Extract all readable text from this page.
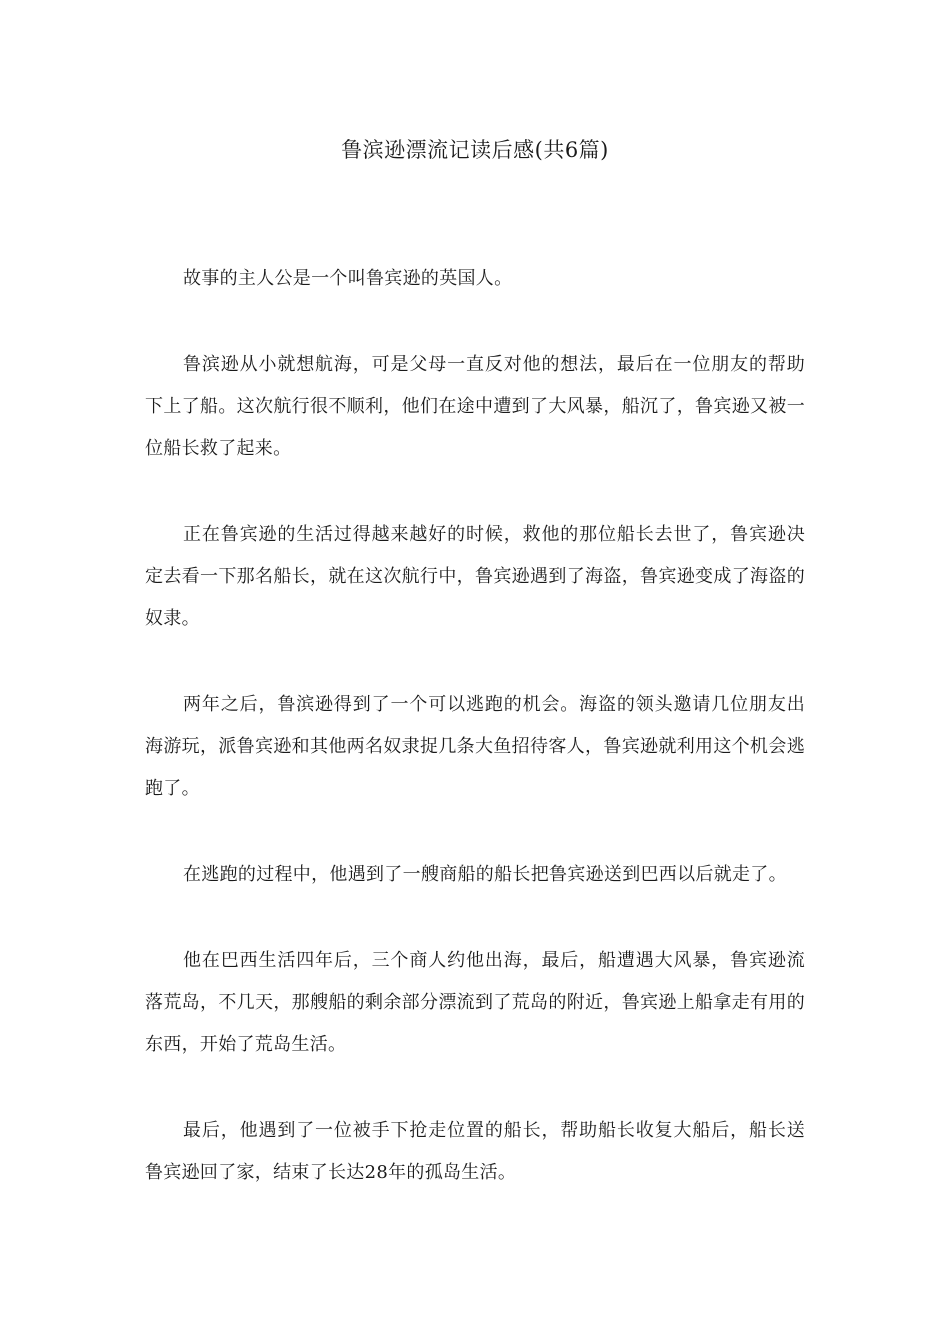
鲁滨逊漂流记读后感(共6篇)

故事的主人公是一个叫鲁宾逊的英国人。

鲁滨逊从小就想航海，可是父母一直反对他的想法，最后在一位朋友的帮助下上了船。这次航行很不顺利，他们在途中遭到了大风暴，船沉了，鲁宾逊又被一位船长救了起来。

正在鲁宾逊的生活过得越来越好的时候，救他的那位船长去世了，鲁宾逊决定去看一下那名船长，就在这次航行中，鲁宾逊遇到了海盗，鲁宾逊变成了海盗的奴隶。

两年之后，鲁滨逊得到了一个可以逃跑的机会。海盗的领头邀请几位朋友出海游玩，派鲁宾逊和其他两名奴隶捉几条大鱼招待客人，鲁宾逊就利用这个机会逃跑了。

在逃跑的过程中，他遇到了一艘商船的船长把鲁宾逊送到巴西以后就走了。

他在巴西生活四年后，三个商人约他出海，最后，船遭遇大风暴，鲁宾逊流落荒岛，不几天，那艘船的剩余部分漂流到了荒岛的附近，鲁宾逊上船拿走有用的东西，开始了荒岛生活。

最后，他遇到了一位被手下抢走位置的船长，帮助船长收复大船后，船长送鲁宾逊回了家，结束了长达28年的孤岛生活。
